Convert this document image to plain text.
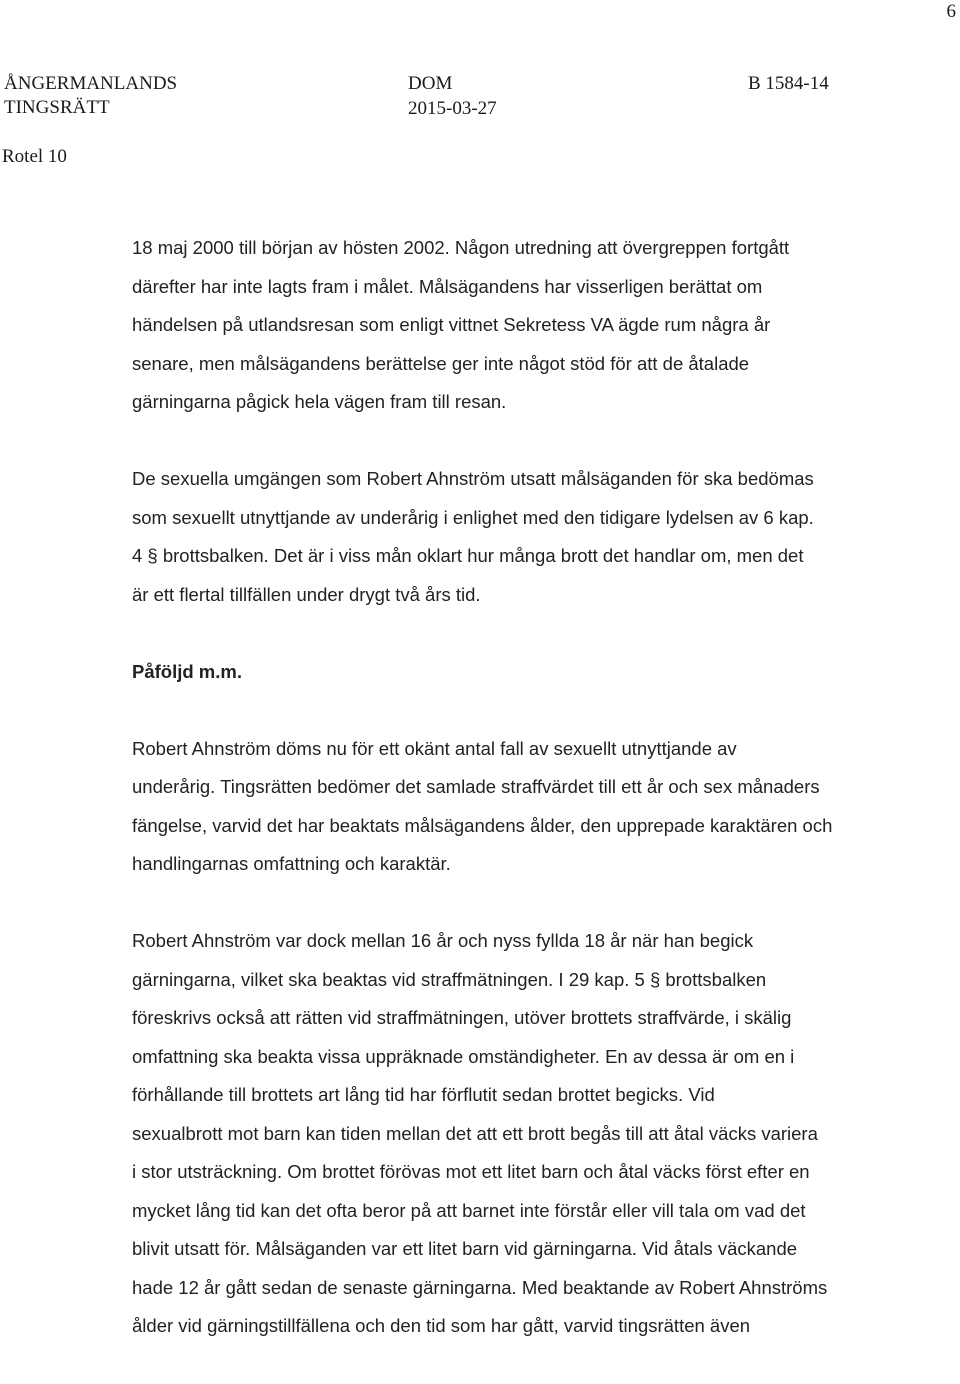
6
ÅNGERMANLANDS
TINGSRÄTT
DOM
2015-03-27
B 1584-14
Rotel 10

18 maj 2000 till början av hösten 2002. Någon utredning att övergreppen fortgått
därefter har inte lagts fram i målet. Målsägandens har visserligen berättat om
händelsen på utlandsresan som enligt vittnet Sekretess VA ägde rum några år
senare, men målsägandens berättelse ger inte något stöd för att de åtalade
gärningarna pågick hela vägen fram till resan.

De sexuella umgängen som Robert Ahnström utsatt målsäganden för ska bedömas
som sexuellt utnyttjande av underårig i enlighet med den tidigare lydelsen av 6 kap.
4 § brottsbalken. Det är i viss mån oklart hur många brott det handlar om, men det
är ett flertal tillfällen under drygt två års tid.

Påföljd m.m.

Robert Ahnström döms nu för ett okänt antal fall av sexuellt utnyttjande av
underårig. Tingsrätten bedömer det samlade straffvärdet till ett år och sex månaders
fängelse, varvid det har beaktats målsägandens ålder, den upprepade karaktären och
handlingarnas omfattning och karaktär.

Robert Ahnström var dock mellan 16 år och nyss fyllda 18 år när han begick
gärningarna, vilket ska beaktas vid straffmätningen. I 29 kap. 5 § brottsbalken
föreskrivs också att rätten vid straffmätningen, utöver brottets straffvärde, i skälig
omfattning ska beakta vissa uppräknade omständigheter. En av dessa är om en i
förhållande till brottets art lång tid har förflutit sedan brottet begicks. Vid
sexualbrott mot barn kan tiden mellan det att ett brott begås till att åtal väcks variera
i stor utsträckning. Om brottet förövas mot ett litet barn och åtal väcks först efter en
mycket lång tid kan det ofta beror på att barnet inte förstår eller vill tala om vad det
blivit utsatt för. Målsäganden var ett litet barn vid gärningarna. Vid åtals väckande
hade 12 år gått sedan de senaste gärningarna. Med beaktande av Robert Ahnströms
ålder vid gärningstillfällena och den tid som har gått, varvid tingsrätten även
